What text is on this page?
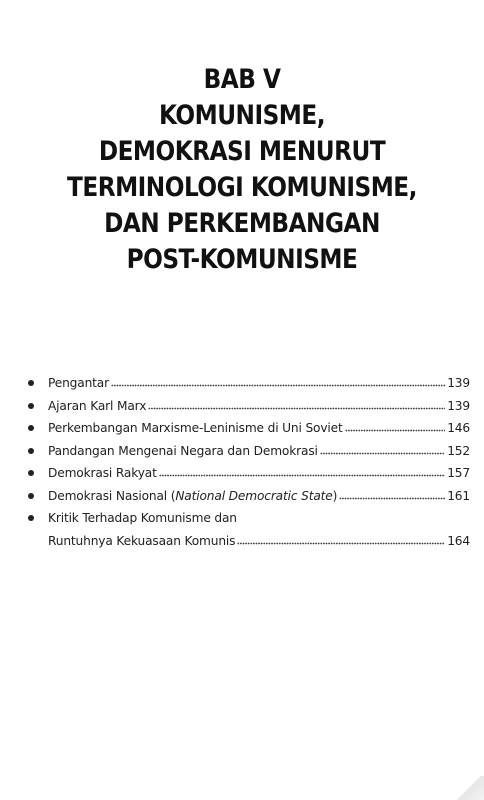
BAB V
KOMUNISME,
DEMOKRASI MENURUT
TERMINOLOGI KOMUNISME,
DAN PERKEMBANGAN
POST-KOMUNISME
Pengantar	139
Ajaran Karl Marx	139
Perkembangan Marxisme-Leninisme di Uni Soviet	146
Pandangan Mengenai Negara dan Demokrasi	152
Demokrasi Rakyat	157
Demokrasi Nasional (National Democratic State)	161
Kritik Terhadap Komunisme dan
Runtuhnya Kekuasaan Komunis	164
